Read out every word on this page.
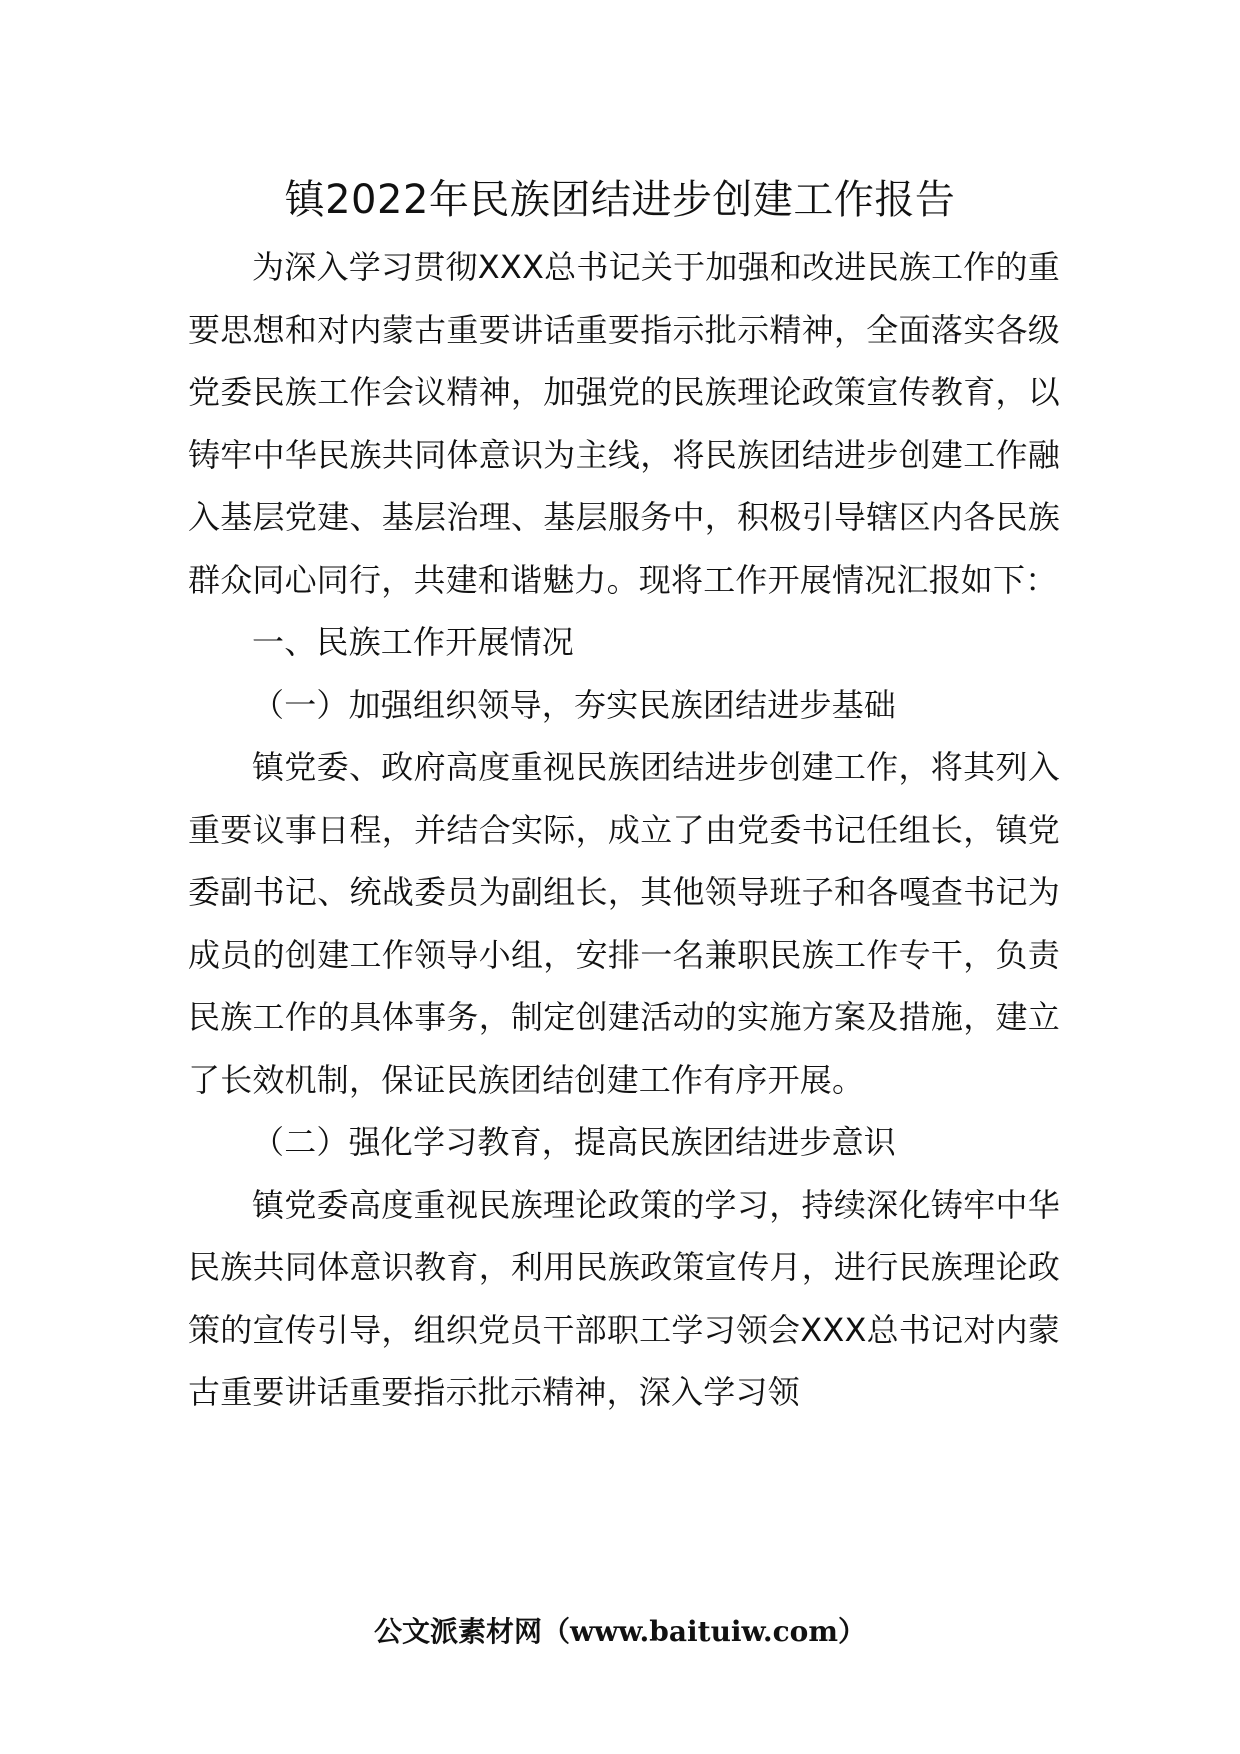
镇2022年民族团结进步创建工作报告

为深入学习贯彻XXX总书记关于加强和改进民族工作的重要思想和对内蒙古重要讲话重要指示批示精神，全面落实各级党委民族工作会议精神，加强党的民族理论政策宣传教育，以铸牢中华民族共同体意识为主线，将民族团结进步创建工作融入基层党建、基层治理、基层服务中，积极引导辖区内各民族群众同心同行，共建和谐魅力。现将工作开展情况汇报如下：

一、民族工作开展情况

（一）加强组织领导，夯实民族团结进步基础

镇党委、政府高度重视民族团结进步创建工作，将其列入重要议事日程，并结合实际，成立了由党委书记任组长，镇党委副书记、统战委员为副组长，其他领导班子和各嘎查书记为成员的创建工作领导小组，安排一名兼职民族工作专干，负责民族工作的具体事务，制定创建活动的实施方案及措施，建立了长效机制，保证民族团结创建工作有序开展。

（二）强化学习教育，提高民族团结进步意识

镇党委高度重视民族理论政策的学习，持续深化铸牢中华民族共同体意识教育，利用民族政策宣传月，进行民族理论政策的宣传引导，组织党员干部职工学习领会XXX总书记对内蒙古重要讲话重要指示批示精神，深入学习领

公文派素材网（www.baituiw.com）
